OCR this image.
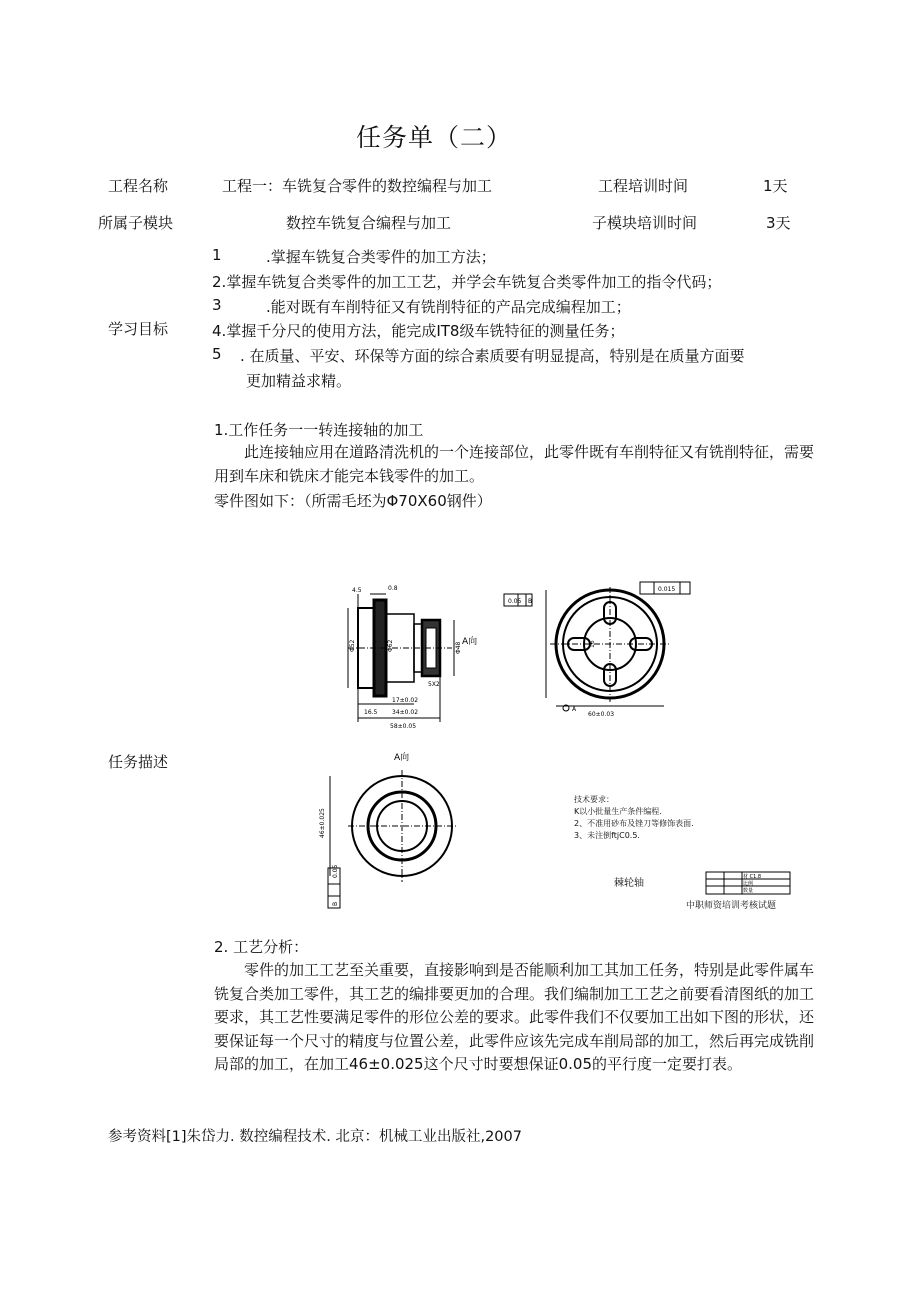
任务单（二）
工程名称	工程一：车铣复合零件的数控编程与加工	工程培训时间	1天
所属子模块	数控车铣复合编程与加工	子模块培训时间	3天
学习目标
1	.掌握车铣复合类零件的加工方法；
2.掌握车铣复合类零件的加工工艺，并学会车铣复合类零件加工的指令代码；
3	.能对既有车削特征又有铣削特征的产品完成编程加工；
4.掌握千分尺的使用方法，能完成IT8级车铣特征的测量任务；
5 . 在质量、平安、环保等方面的综合素质要有明显提高，特别是在质量方面要
更加精益求精。
1.工作任务一一转连接轴的加工
此连接轴应用在道路清洗机的一个连接部位，此零件既有车削特征又有铣削特征，需要用到车床和铣床才能完本钱零件的加工。
零件图如下：（所需毛坯为Φ70X60钢件）
任务描述
4.5	0.8
Φ52	Φ62	Φ48
16.5 34±0.02
58±0.05
5X2
17±0.02
0.05 B
0.015
60±0.03
16
A
A向
A向
46±0.025
0.05
B
材 C1.8
比例
数量
技术要求：
K以小批量生产条件编程.
2、不准用砂布及锉刀等修饰表面.
3、未注倒ftjC0.5.
棘轮轴
中职师资培训考核试题
2. 工艺分析：
零件的加工工艺至关重要，直接影响到是否能顺利加工其加工任务，特别是此零件属车铣复合类加工零件，其工艺的编排要更加的合理。我们编制加工工艺之前要看清图纸的加工要求，其工艺性要满足零件的形位公差的要求。此零件我们不仅要加工出如下图的形状，还要保证每一个尺寸的精度与位置公差，此零件应该先完成车削局部的加工，然后再完成铣削局部的加工，在加工46±0.025这个尺寸时要想保证0.05的平行度一定要打表。
参考资料[1]朱岱力. 数控编程技术. 北京：机械工业出版社,2007
